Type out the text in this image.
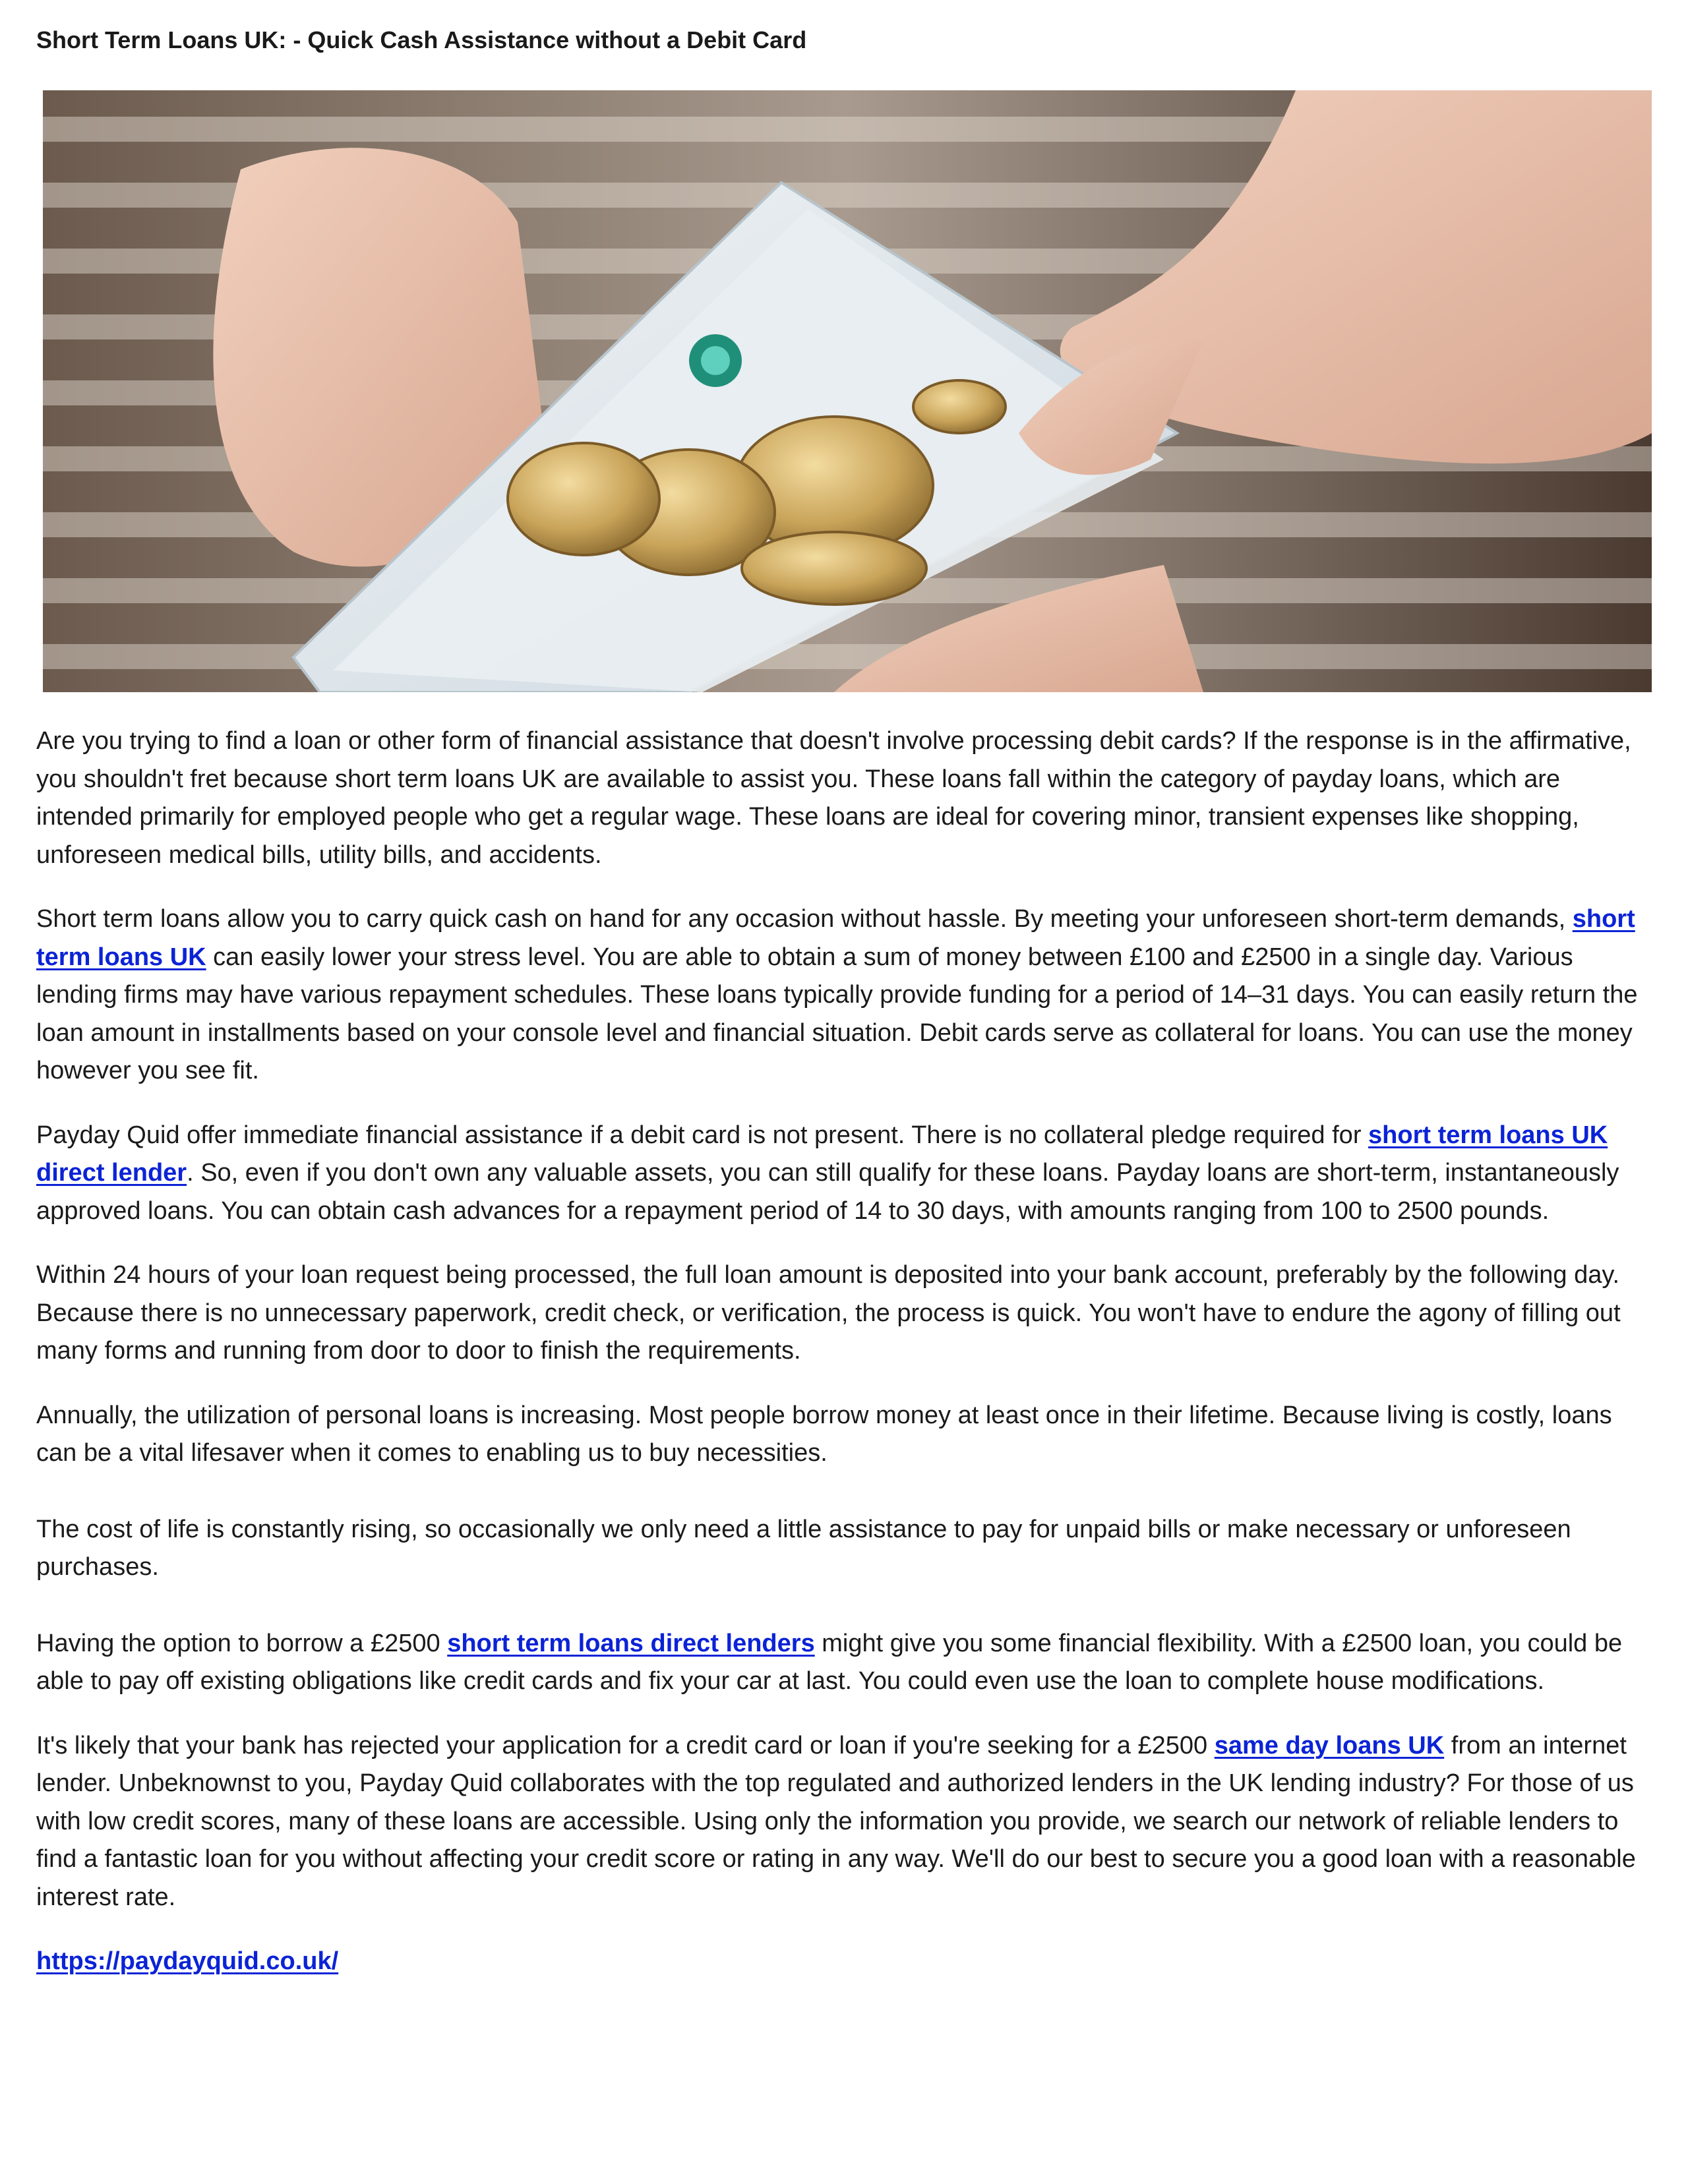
Short Term Loans UK: - Quick Cash Assistance without a Debit Card

Are you trying to find a loan or other form of financial assistance that doesn't involve processing debit cards? If the response is in the affirmative, you shouldn't fret because short term loans UK are available to assist you. These loans fall within the category of payday loans, which are intended primarily for employed people who get a regular wage. These loans are ideal for covering minor, transient expenses like shopping, unforeseen medical bills, utility bills, and accidents.

Short term loans allow you to carry quick cash on hand for any occasion without hassle. By meeting your unforeseen short-term demands, short term loans UK can easily lower your stress level. You are able to obtain a sum of money between £100 and £2500 in a single day. Various lending firms may have various repayment schedules. These loans typically provide funding for a period of 14–31 days. You can easily return the loan amount in installments based on your console level and financial situation. Debit cards serve as collateral for loans. You can use the money however you see fit.

Payday Quid offer immediate financial assistance if a debit card is not present. There is no collateral pledge required for short term loans UK direct lender. So, even if you don't own any valuable assets, you can still qualify for these loans. Payday loans are short-term, instantaneously approved loans. You can obtain cash advances for a repayment period of 14 to 30 days, with amounts ranging from 100 to 2500 pounds.

Within 24 hours of your loan request being processed, the full loan amount is deposited into your bank account, preferably by the following day. Because there is no unnecessary paperwork, credit check, or verification, the process is quick. You won't have to endure the agony of filling out many forms and running from door to door to finish the requirements.

Annually, the utilization of personal loans is increasing. Most people borrow money at least once in their lifetime. Because living is costly, loans can be a vital lifesaver when it comes to enabling us to buy necessities.

The cost of life is constantly rising, so occasionally we only need a little assistance to pay for unpaid bills or make necessary or unforeseen purchases.

Having the option to borrow a £2500 short term loans direct lenders might give you some financial flexibility. With a £2500 loan, you could be able to pay off existing obligations like credit cards and fix your car at last. You could even use the loan to complete house modifications.

It's likely that your bank has rejected your application for a credit card or loan if you're seeking for a £2500 same day loans UK from an internet lender. Unbeknownst to you, Payday Quid collaborates with the top regulated and authorized lenders in the UK lending industry? For those of us with low credit scores, many of these loans are accessible. Using only the information you provide, we search our network of reliable lenders to find a fantastic loan for you without affecting your credit score or rating in any way. We'll do our best to secure you a good loan with a reasonable interest rate.

https://paydayquid.co.uk/
